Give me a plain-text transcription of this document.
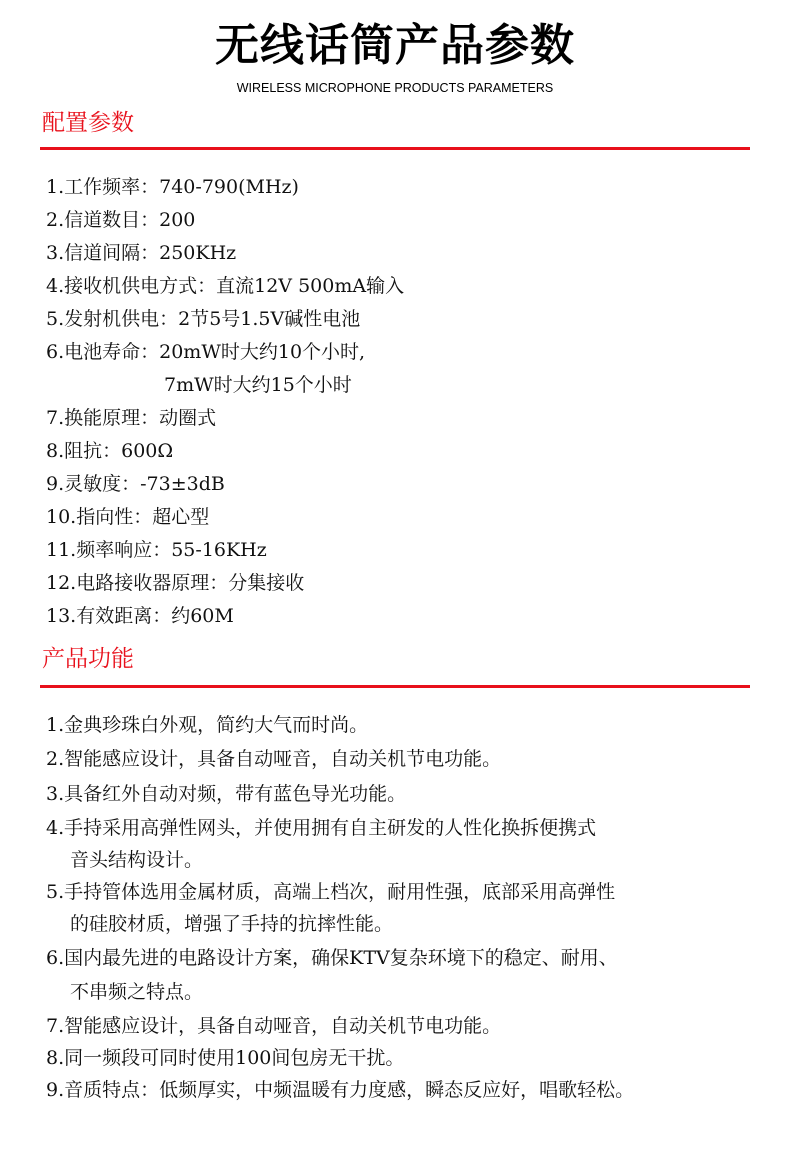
无线话筒产品参数
WIRELESS MICROPHONE PRODUCTS PARAMETERS
配置参数
1.工作频率：740-790(MHz)
2.信道数目：200
3.信道间隔：250KHz
4.接收机供电方式：直流12V 500mA输入
5.发射机供电：2节5号1.5V碱性电池
6.电池寿命：20mW时大约10个小时,
7mW时大约15个小时
7.换能原理：动圈式
8.阻抗：600Ω
9.灵敏度：-73±3dB
10.指向性：超心型
11.频率响应：55-16KHz
12.电路接收器原理：分集接收
13.有效距离：约60M
产品功能
1.金典珍珠白外观，简约大气而时尚。
2.智能感应设计，具备自动哑音，自动关机节电功能。
3.具备红外自动对频，带有蓝色导光功能。
4.手持采用高弹性网头，并使用拥有自主研发的人性化换拆便携式
音头结构设计。
5.手持管体选用金属材质，高端上档次，耐用性强，底部采用高弹性
的硅胶材质，增强了手持的抗摔性能。
6.国内最先进的电路设计方案，确保KTV复杂环境下的稳定、耐用、
不串频之特点。
7.智能感应设计，具备自动哑音，自动关机节电功能。
8.同一频段可同时使用100间包房无干扰。
9.音质特点：低频厚实，中频温暖有力度感，瞬态反应好，唱歌轻松。
